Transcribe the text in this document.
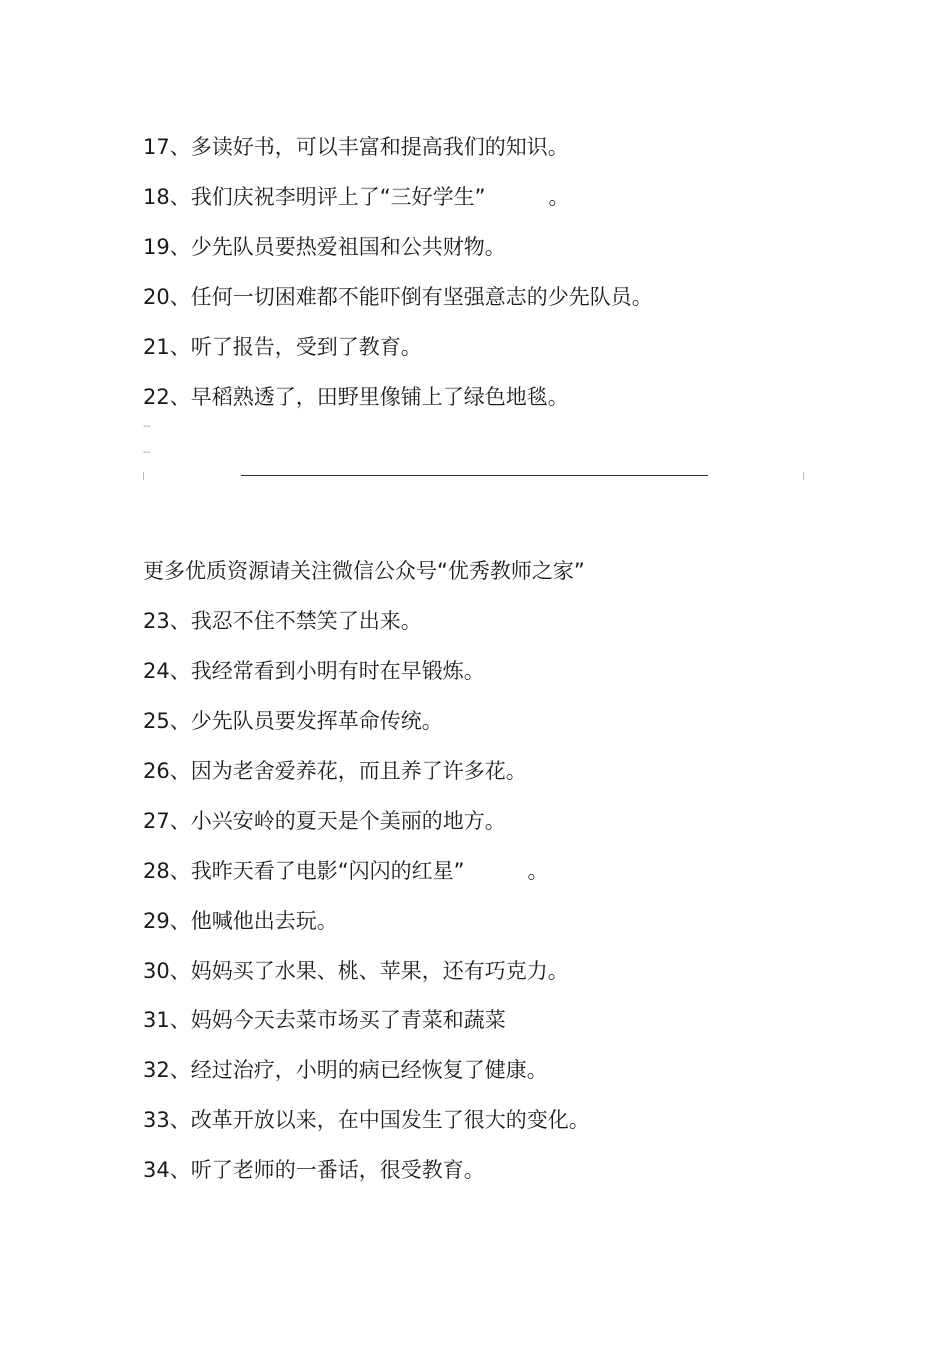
17、多读好书，可以丰富和提高我们的知识。
18、我们庆祝李明评上了“三好学生”　　　。
19、少先队员要热爱祖国和公共财物。
20、任何一切困难都不能吓倒有坚强意志的少先队员。
21、听了报告，受到了教育。
22、早稻熟透了，田野里像铺上了绿色地毯。
--
--
更多优质资源请关注微信公众号“优秀教师之家”
23、我忍不住不禁笑了出来。
24、我经常看到小明有时在早锻炼。
25、少先队员要发挥革命传统。
26、因为老舍爱养花，而且养了许多花。
27、小兴安岭的夏天是个美丽的地方。
28、我昨天看了电影“闪闪的红星”　　　。
29、他喊他出去玩。
30、妈妈买了水果、桃、苹果，还有巧克力。
31、妈妈今天去菜市场买了青菜和蔬菜
32、经过治疗，小明的病已经恢复了健康。
33、改革开放以来，在中国发生了很大的变化。
34、听了老师的一番话，很受教育。
